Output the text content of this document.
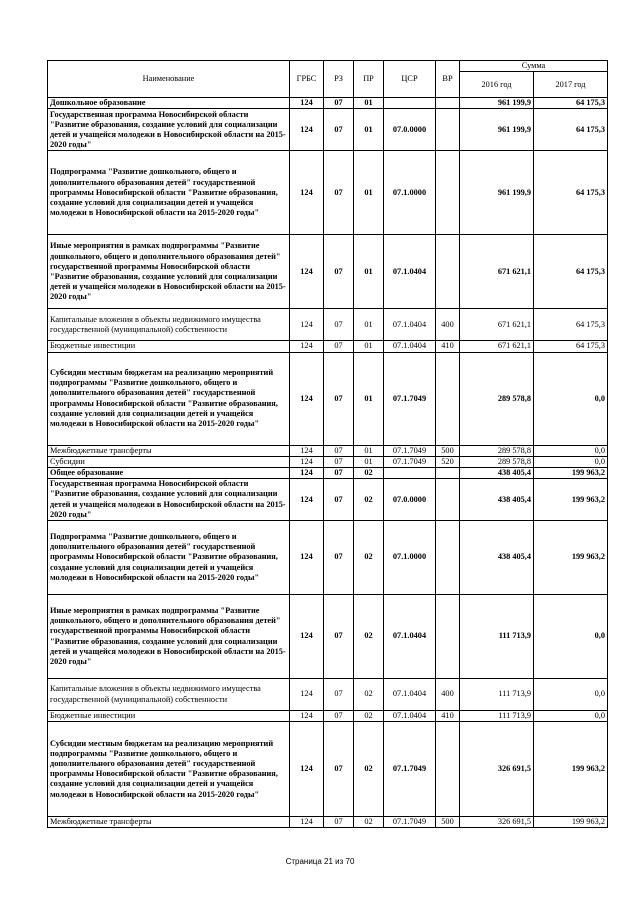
Наименование	ГРБС	РЗ	ПР	ЦСР	ВР	Сумма	
						2016 год	2017 год
Дошкольное образование	124	07	01			961 199,9	64 175,3
Государственная программа Новосибирской области "Развитие образования, создание условий для социализации детей и учащейся молодежи в Новосибирской области на 2015-2020 годы"	124	07	01	07.0.0000		961 199,9	64 175,3
Подпрограмма "Развитие дошкольного, общего и дополнительного образования детей" государственной программы Новосибирской области "Развитие образования, создание условий для социализации детей и учащейся молодежи в Новосибирской области на 2015-2020 годы"	124	07	01	07.1.0000		961 199,9	64 175,3
Иные мероприятия в рамках подпрограммы "Развитие дошкольного, общего и дополнительного образования детей" государственной программы Новосибирской области "Развитие образования, создание условий для социализации детей и учащейся молодежи в Новосибирской области на 2015-2020 годы"	124	07	01	07.1.0404		671 621,1	64 175,3
Капитальные вложения в объекты недвижимого имущества государственной (муниципальной) собственности	124	07	01	07.1.0404	400	671 621,1	64 175,3
Бюджетные инвестиции	124	07	01	07.1.0404	410	671 621,1	64 175,3
Субсидии местным бюджетам на реализацию мероприятий подпрограммы "Развитие дошкольного, общего и дополнительного образования детей" государственной программы Новосибирской области "Развитие образования, создание условий для социализации детей и учащейся молодежи в Новосибирской области на 2015-2020 годы"	124	07	01	07.1.7049		289 578,8	0,0
Межбюджетные трансферты	124	07	01	07.1.7049	500	289 578,8	0,0
Субсидии	124	07	01	07.1.7049	520	289 578,8	0,0
Общее образование	124	07	02			438 405,4	199 963,2
Государственная программа Новосибирской области "Развитие образования, создание условий для социализации детей и учащейся молодежи в Новосибирской области на 2015-2020 годы"	124	07	02	07.0.0000		438 405,4	199 963,2
Подпрограмма "Развитие дошкольного, общего и дополнительного образования детей" государственной программы Новосибирской области "Развитие образования, создание условий для социализации детей и учащейся молодежи в Новосибирской области на 2015-2020 годы"	124	07	02	07.1.0000		438 405,4	199 963,2
Иные мероприятия в рамках подпрограммы "Развитие дошкольного, общего и дополнительного образования детей" государственной программы Новосибирской области "Развитие образования, создание условий для социализации детей и учащейся молодежи в Новосибирской области на 2015-2020 годы"	124	07	02	07.1.0404		111 713,9	0,0
Капитальные вложения в объекты недвижимого имущества государственной (муниципальной) собственности	124	07	02	07.1.0404	400	111 713,9	0,0
Бюджетные инвестиции	124	07	02	07.1.0404	410	111 713,9	0,0
Субсидии местным бюджетам на реализацию мероприятий подпрограммы "Развитие дошкольного, общего и дополнительного образования детей" государственной программы Новосибирской области "Развитие образования, создание условий для социализации детей и учащейся молодежи в Новосибирской области на 2015-2020 годы"	124	07	02	07.1.7049		326 691,5	199 963,2
Межбюджетные трансферты	124	07	02	07.1.7049	500	326 691,5	199 963,2
Страница 21 из 70
